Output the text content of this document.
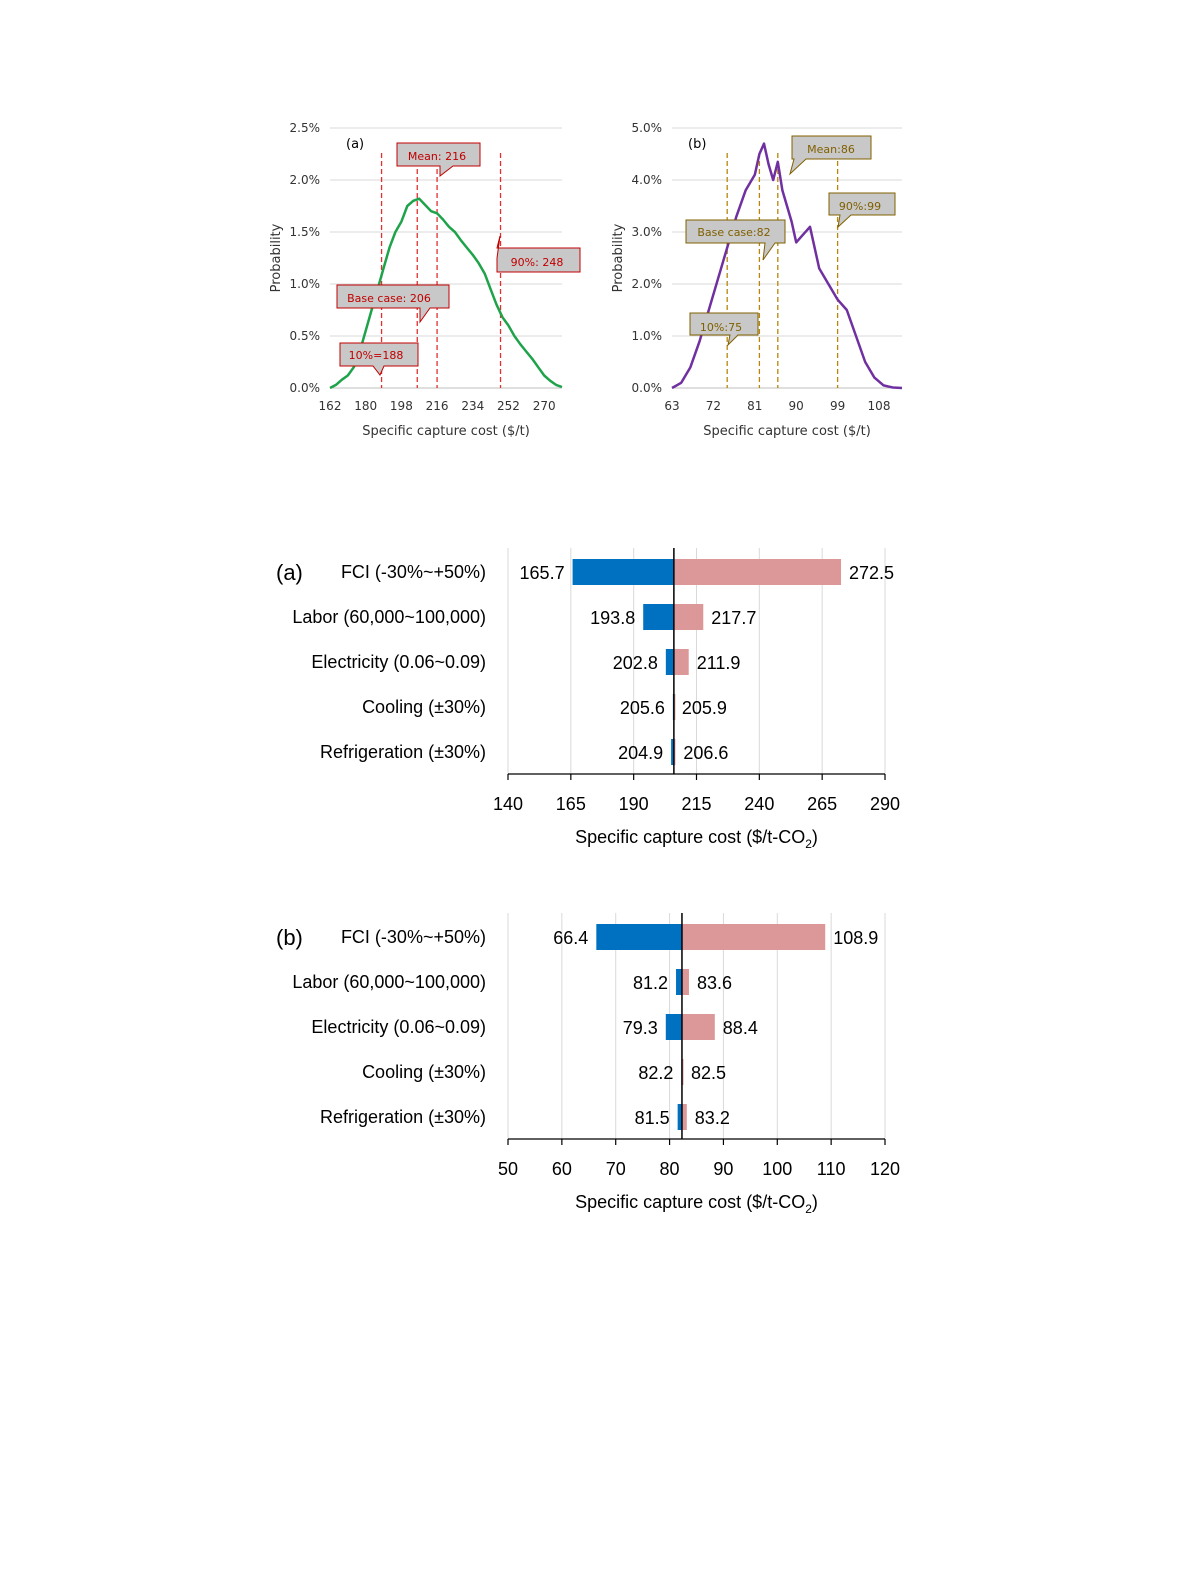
0.0%
0.5%
1.0%
1.5%
2.0%
2.5%
162 180 198 216 234 252 270
Specific capture cost ($/t)
Probability
Mean: 216
90%: 248
Base case: 206
10%=188
(a)
0.0%
1.0%
2.0%
3.0%
4.0%
5.0%
63 72 81 90 99 108
Specific capture cost ($/t)
Probability
Mean:86
90%:99
Base case:82
10%:75
(b)
FCI (-30%~+50%) 165.7	272.5
Labor (60,000~100,000)	193.8	217.7
Electricity (0.06~0.09)	202.8 211.9
Cooling (±30%)	205.6 205.9
Refrigeration (±30%)	204.9 206.6
140 165 190 215 240 265 290
Specific capture cost $(\$/t-CO_2)$
(a)
FCI (-30%~+50%)	66.4	108.9
Labor (60,000~100,000)	81.2 83.6
Electricity (0.06~0.09)	79.3	88.4
Cooling (±30%)	82.2 82.5
Refrigeration (±30%)	81.5 83.2
50 60 70 80 90 100 110 120
Specific capture cost $(\$/t-CO_2)$
(b)
